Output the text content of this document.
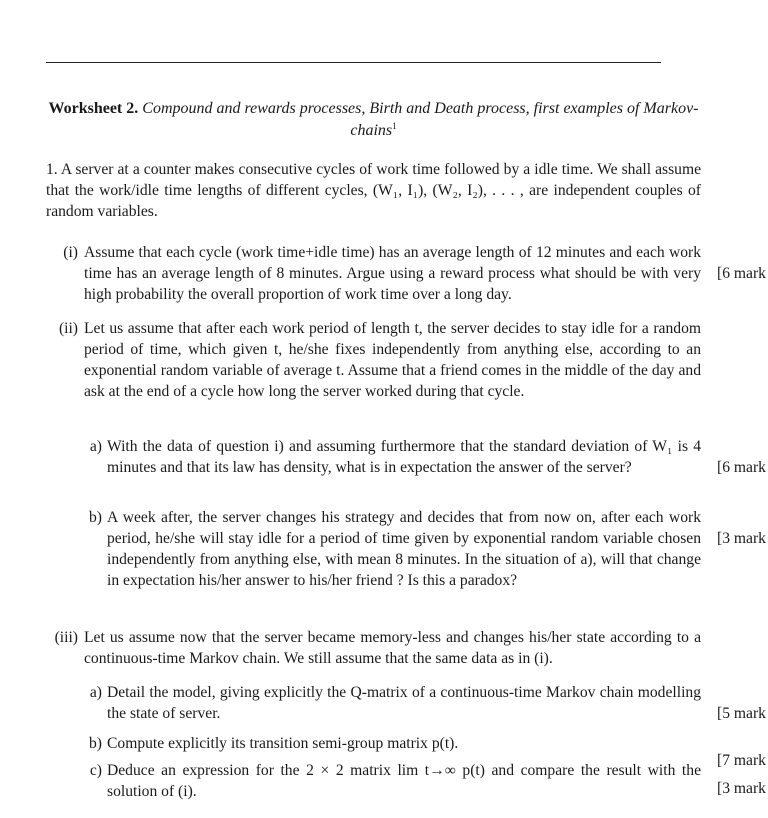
Worksheet 2. Compound and rewards processes, Birth and Death process, first examples of Markov-chains$^1$
1. A server at a counter makes consecutive cycles of work time followed by a idle time. We shall assume that the work/idle time lengths of different cycles, (W₁, I₁), (W₂, I₂), . . . , are independent couples of random variables.
(i) Assume that each cycle (work time+idle time) has an average length of 12 minutes and each work time has an average length of 8 minutes. Argue using a reward process what should be with very high probability the overall proportion of work time over a long day.
[6 mark
(ii) Let us assume that after each work period of length t, the server decides to stay idle for a random period of time, which given t, he/she fixes independently from anything else, according to an exponential random variable of average t. Assume that a friend comes in the middle of the day and ask at the end of a cycle how long the server worked during that cycle.
a) With the data of question i) and assuming furthermore that the standard deviation of W₁ is 4 minutes and that its law has density, what is in expectation the answer of the server?	[6 mark
b) A week after, the server changes his strategy and decides that from now on, after each work period, he/she will stay idle for a period of time given by exponential random variable chosen independently from anything else, with mean 8 minutes. In the situation of a), will that change in expectation his/her answer to his/her friend ? Is this a paradox?
[3 mark
(iii) Let us assume now that the server became memory-less and changes his/her state according to a continuous-time Markov chain. We still assume that the same data as in (i).
a) Detail the model, giving explicitly the Q-matrix of a continuous-time Markov chain modelling the state of server.	[5 mark
b) Compute explicitly its transition semi-group matrix p(t).
[7 mark
c) Deduce an expression for the 2 × 2 matrix lim t→∞ p(t) and compare the result with the solution of (i).	[3 mark
